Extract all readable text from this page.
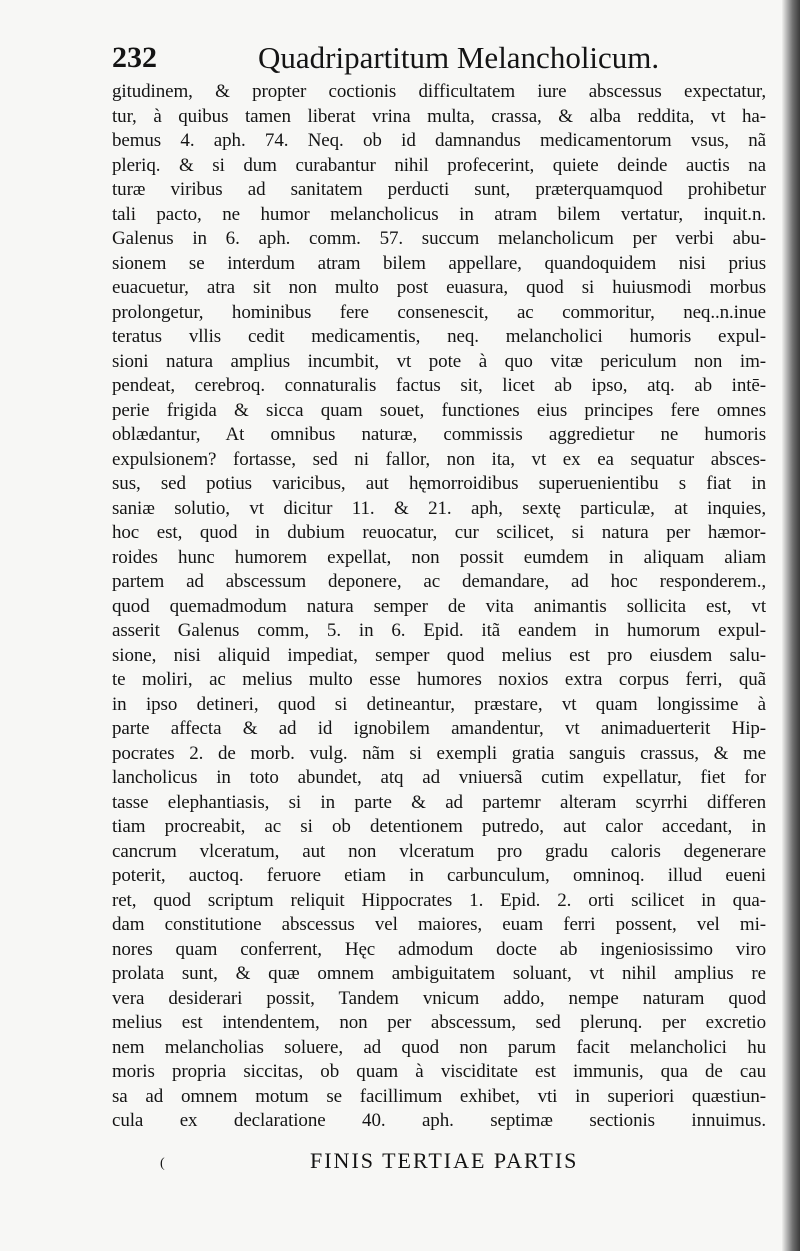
232	Quadripartitum Melancholicum.
gitudinem, & propter coctionis difficultatem iure abscessus expectatur,
tur, à quibus tamen liberat vrina multa, crassa, & alba reddita, vt ha-
bemus 4. aph. 74. Neq. ob id damnandus medicamentorum vsus, nã
pleriq. & si dum curabantur nihil profecerint, quiete deinde auctis na
turæ viribus ad sanitatem perducti sunt, præterquamquod prohibetur
tali pacto, ne humor melancholicus in atram bilem vertatur, inquit.n.
Galenus in 6. aph. comm. 57. succum melancholicum per verbi abu-
sionem se interdum atram bilem appellare, quandoquidem nisi prius
euacuetur, atra sit non multo post euasura, quod si huiusmodi morbus
prolongetur, hominibus fere consenescit, ac commoritur, neq..n.inue
teratus vllis cedit medicamentis, neq. melancholici humoris expul-
sioni natura amplius incumbit, vt pote à quo vitæ periculum non im-
pendeat, cerebroq. connaturalis factus sit, licet ab ipso, atq. ab intē-
perie frigida & sicca quam souet, functiones eius principes fere omnes
oblædantur, At omnibus naturæ, commissis aggredietur ne humoris
expulsionem? fortasse, sed ni fallor, non ita, vt ex ea sequatur absces-
sus, sed potius varicibus, aut hęmorroidibus superuenientibu s fiat in
saniæ solutio, vt dicitur 11. & 21. aph, sextę particulæ, at inquies,
hoc est, quod in dubium reuocatur, cur scilicet, si natura per hæmor-
roides hunc humorem expellat, non possit eumdem in aliquam aliam
partem ad abscessum deponere, ac demandare, ad hoc responderem.,
quod quemadmodum natura semper de vita animantis sollicita est, vt
asserit Galenus comm, 5. in 6. Epid. itã eandem in humorum expul-
sione, nisi aliquid impediat, semper quod melius est pro eiusdem salu-
te moliri, ac melius multo esse humores noxios extra corpus ferri, quã
in ipso detineri, quod si detineantur, præstare, vt quam longissime à
parte affecta & ad id ignobilem amandentur, vt animaduerterit Hip-
pocrates 2. de morb. vulg. nãm si exempli gratia sanguis crassus, & me
lancholicus in toto abundet, atq ad vniuersã cutim expellatur, fiet for
tasse elephantiasis, si in parte & ad partemr alteram scyrrhi differen
tiam procreabit, ac si ob detentionem putredo, aut calor accedant, in
cancrum vlceratum, aut non vlceratum pro gradu caloris degenerare
poterit, auctoq. feruore etiam in carbunculum, omninoq. illud eueni
ret, quod scriptum reliquit Hippocrates 1. Epid. 2. orti scilicet in qua-
dam constitutione abscessus vel maiores, euam ferri possent, vel mi-
nores quam conferrent, Hęc admodum docte ab ingeniosissimo viro
prolata sunt, & quæ omnem ambiguitatem soluant, vt nihil amplius re
vera desiderari possit, Tandem vnicum addo, nempe naturam quod
melius est intendentem, non per abscessum, sed plerunq. per excretio
nem melancholias soluere, ad quod non parum facit melancholici hu
moris propria siccitas, ob quam à visciditate est immunis, qua de cau
sa ad omnem motum se facillimum exhibet, vti in superiori quæstiun-
cula ex declaratione 40. aph. septimæ sectionis innuimus.
(	FINIS TERTIAE PARTIS
